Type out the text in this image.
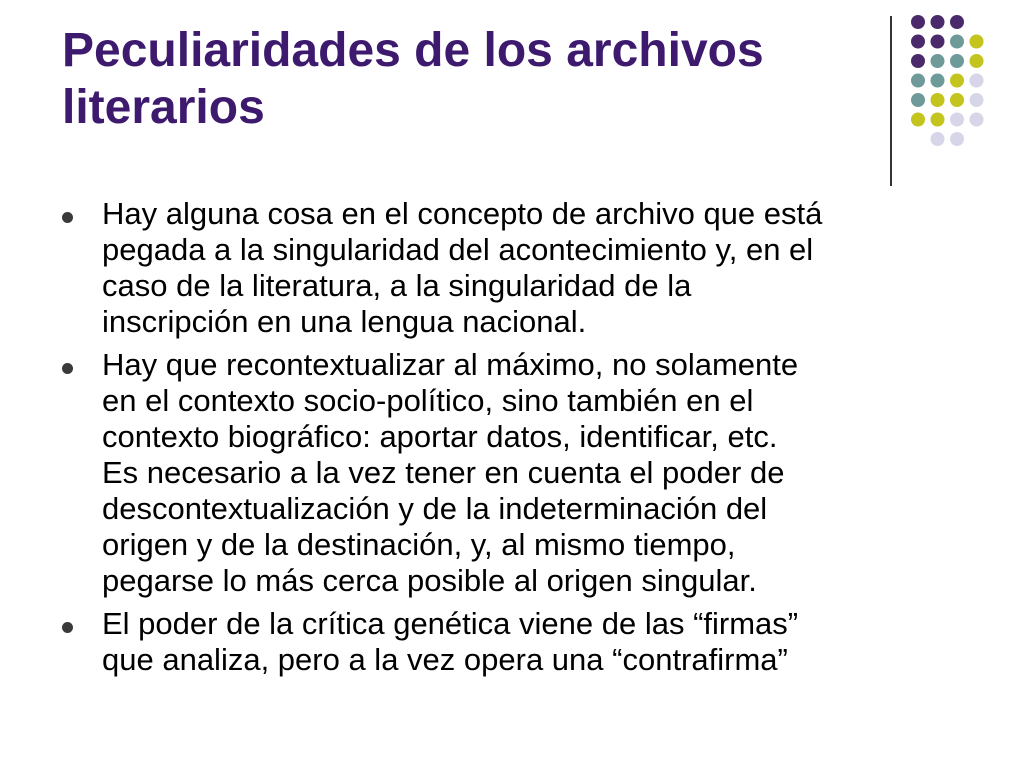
Peculiaridades de los archivos literarios
Hay alguna cosa en el concepto de archivo que está
pegada a la singularidad del acontecimiento y, en el
caso de la literatura, a la singularidad de la
inscripción en una lengua nacional.
Hay que recontextualizar al máximo, no solamente
en el contexto socio-político, sino también en el
contexto biográfico: aportar datos, identificar, etc.
Es necesario a la vez tener en cuenta el poder de
descontextualización y de la indeterminación del
origen y de la destinación, y, al mismo tiempo,
pegarse lo más cerca posible al origen singular.
El poder de la crítica genética viene de las “firmas”
que analiza, pero a la vez opera una “contrafirma”
